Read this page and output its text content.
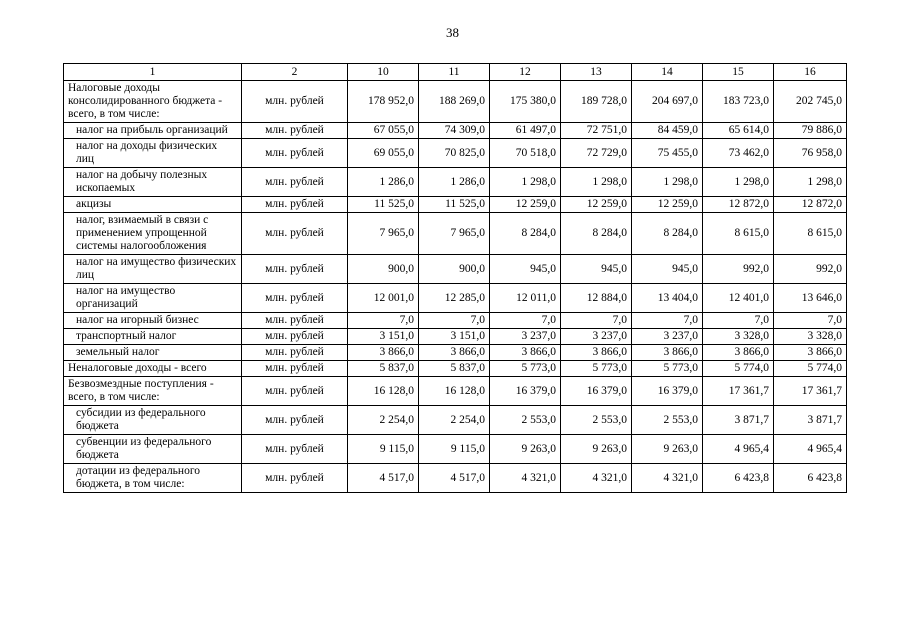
38
1	2	10	11	12	13	14	15	16
Налоговые доходы консолидированного бюджета - всего, в том числе:	млн. рублей	178 952,0	188 269,0	175 380,0	189 728,0	204 697,0	183 723,0	202 745,0
налог на прибыль организаций	млн. рублей	67 055,0	74 309,0	61 497,0	72 751,0	84 459,0	65 614,0	79 886,0
налог на доходы физических лиц	млн. рублей	69 055,0	70 825,0	70 518,0	72 729,0	75 455,0	73 462,0	76 958,0
налог на добычу полезных ископаемых	млн. рублей	1 286,0	1 286,0	1 298,0	1 298,0	1 298,0	1 298,0	1 298,0
акцизы	млн. рублей	11 525,0	11 525,0	12 259,0	12 259,0	12 259,0	12 872,0	12 872,0
налог, взимаемый в связи с применением упрощенной системы налогообложения	млн. рублей	7 965,0	7 965,0	8 284,0	8 284,0	8 284,0	8 615,0	8 615,0
налог на имущество физических лиц	млн. рублей	900,0	900,0	945,0	945,0	945,0	992,0	992,0
налог на имущество организаций	млн. рублей	12 001,0	12 285,0	12 011,0	12 884,0	13 404,0	12 401,0	13 646,0
налог на игорный бизнес	млн. рублей	7,0	7,0	7,0	7,0	7,0	7,0	7,0
транспортный налог	млн. рублей	3 151,0	3 151,0	3 237,0	3 237,0	3 237,0	3 328,0	3 328,0
земельный налог	млн. рублей	3 866,0	3 866,0	3 866,0	3 866,0	3 866,0	3 866,0	3 866,0
Неналоговые доходы - всего	млн. рублей	5 837,0	5 837,0	5 773,0	5 773,0	5 773,0	5 774,0	5 774,0
Безвозмездные поступления - всего, в том числе:	млн. рублей	16 128,0	16 128,0	16 379,0	16 379,0	16 379,0	17 361,7	17 361,7
субсидии из федерального бюджета	млн. рублей	2 254,0	2 254,0	2 553,0	2 553,0	2 553,0	3 871,7	3 871,7
субвенции из федерального бюджета	млн. рублей	9 115,0	9 115,0	9 263,0	9 263,0	9 263,0	4 965,4	4 965,4
дотации из федерального бюджета, в том числе:	млн. рублей	4 517,0	4 517,0	4 321,0	4 321,0	4 321,0	6 423,8	6 423,8
